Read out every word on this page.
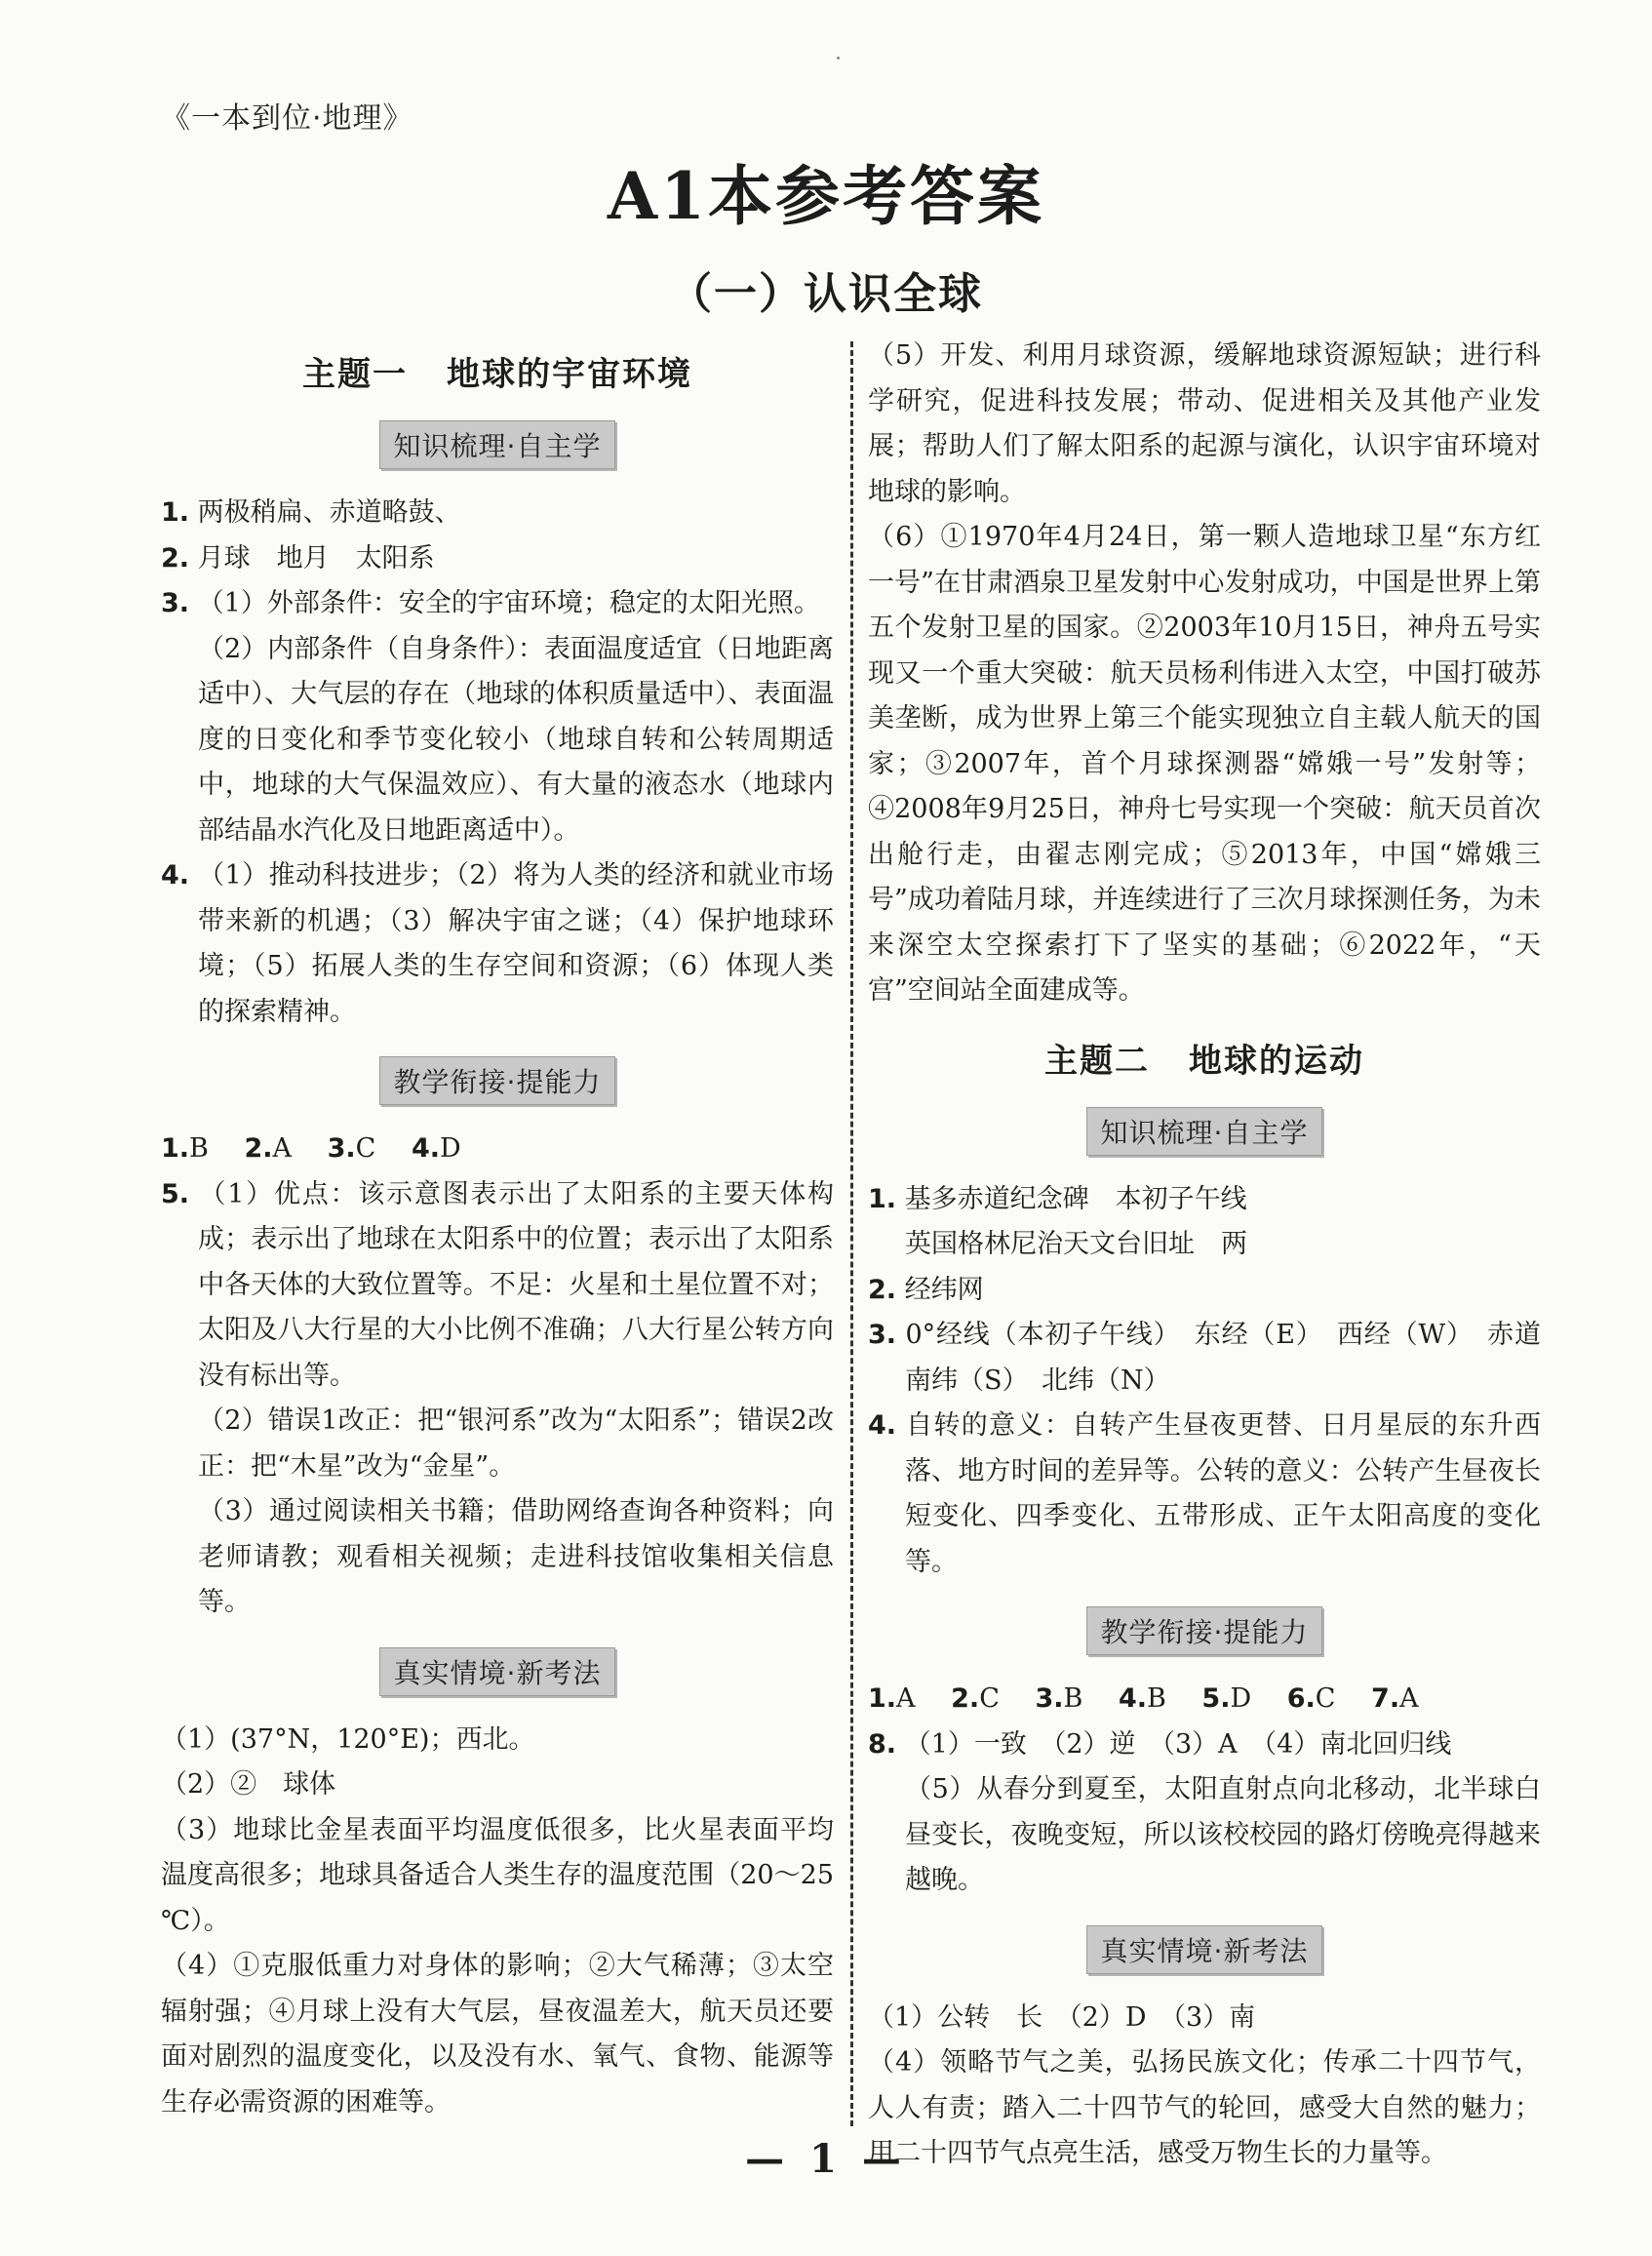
《一本到位·地理》
A1本参考答案
（一）认识全球
主题一 地球的宇宙环境
知识梳理·自主学

1. 两极稍扁、赤道略鼓、

2. 月球　地月　太阳系

3. （1）外部条件：安全的宇宙环境；稳定的太阳光照。

（2）内部条件（自身条件）：表面温度适宜（日地距离适中）、大气层的存在（地球的体积质量适中）、表面温度的日变化和季节变化较小（地球自转和公转周期适中，地球的大气保温效应）、有大量的液态水（地球内部结晶水汽化及日地距离适中）。

4. （1）推动科技进步；（2）将为人类的经济和就业市场带来新的机遇；（3）解决宇宙之谜；（4）保护地球环境；（5）拓展人类的生存空间和资源；（6）体现人类的探索精神。

教学衔接·提能力

1.B 2.A 3.C 4.D

5. （1）优点：该示意图表示出了太阳系的主要天体构成；表示出了地球在太阳系中的位置；表示出了太阳系中各天体的大致位置等。不足：火星和土星位置不对；太阳及八大行星的大小比例不准确；八大行星公转方向没有标出等。

（2）错误1改正：把“银河系”改为“太阳系”；错误2改正：把“木星”改为“金星”。

（3）通过阅读相关书籍；借助网络查询各种资料；向老师请教；观看相关视频；走进科技馆收集相关信息等。

真实情境·新考法

（1）(37°N，120°E)；西北。

（2）②　球体

（3）地球比金星表面平均温度低很多，比火星表面平均温度高很多；地球具备适合人类生存的温度范围（20～25 ℃）。

（4）①克服低重力对身体的影响；②大气稀薄；③太空辐射强；④月球上没有大气层，昼夜温差大，航天员还要面对剧烈的温度变化，以及没有水、氧气、食物、能源等生存必需资源的困难等。

（5）开发、利用月球资源，缓解地球资源短缺；进行科学研究，促进科技发展；带动、促进相关及其他产业发展；帮助人们了解太阳系的起源与演化，认识宇宙环境对地球的影响。

（6）①1970年4月24日，第一颗人造地球卫星“东方红一号”在甘肃酒泉卫星发射中心发射成功，中国是世界上第五个发射卫星的国家。②2003年10月15日，神舟五号实现又一个重大突破：航天员杨利伟进入太空，中国打破苏美垄断，成为世界上第三个能实现独立自主载人航天的国家；③2007年，首个月球探测器“嫦娥一号”发射等；④2008年9月25日，神舟七号实现一个突破：航天员首次出舱行走，由翟志刚完成；⑤2013年，中国“嫦娥三号”成功着陆月球，并连续进行了三次月球探测任务，为未来深空太空探索打下了坚实的基础；⑥2022年，“天宫”空间站全面建成等。

主题二 地球的运动
知识梳理·自主学

1. 基多赤道纪念碑　本初子午线

英国格林尼治天文台旧址　两

2. 经纬网

3. 0°经线（本初子午线）　东经（E）　西经（W）　赤道　南纬（S）　北纬（N）

4. 自转的意义：自转产生昼夜更替、日月星辰的东升西落、地方时间的差异等。公转的意义：公转产生昼夜长短变化、四季变化、五带形成、正午太阳高度的变化等。

教学衔接·提能力

1.A 2.C 3.B 4.B 5.D 6.C 7.A

8. （1）一致　（2）逆　（3）A　（4）南北回归线

（5）从春分到夏至，太阳直射点向北移动，北半球白昼变长，夜晚变短，所以该校校园的路灯傍晚亮得越来越晚。

真实情境·新考法

（1）公转　长　（2）D　（3）南

（4）领略节气之美，弘扬民族文化；传承二十四节气，人人有责；踏入二十四节气的轮回，感受大自然的魅力；用二十四节气点亮生活，感受万物生长的力量等。

— 1 —
